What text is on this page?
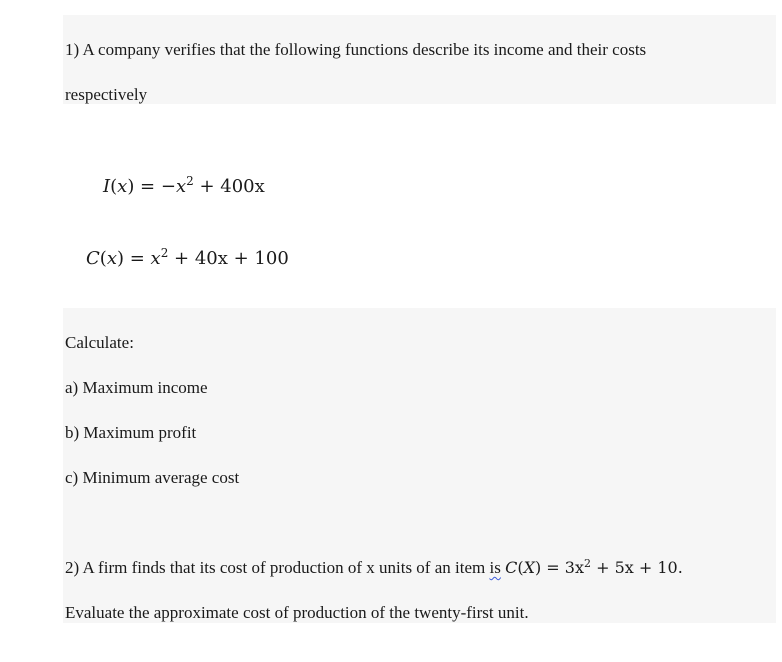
1) A company verifies that the following functions describe its income and their costs
respectively
$I(x) = -x^2 + 400x$
$C(x) = x^2 + 40x + 100$
Calculate:
a) Maximum income
b) Maximum profit
c) Minimum average cost
2) A firm finds that its cost of production of x units of an item is $C(X) = 3x^2 + 5x + 10$.
Evaluate the approximate cost of production of the twenty-first unit.
